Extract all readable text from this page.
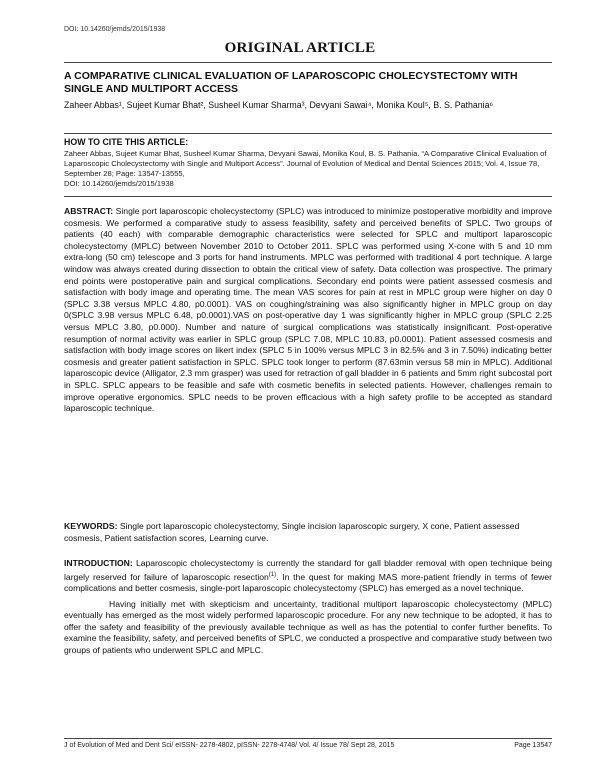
DOI: 10.14260/jemds/2015/1938
ORIGINAL ARTICLE
A COMPARATIVE CLINICAL EVALUATION OF LAPAROSCOPIC CHOLECYSTECTOMY WITH SINGLE AND MULTIPORT ACCESS
Zaheer Abbas¹, Sujeet Kumar Bhat², Susheel Kumar Sharma³, Devyani Sawai⁴, Monika Koul⁵, B. S. Pathania⁶
HOW TO CITE THIS ARTICLE:
Zaheer Abbas, Sujeet Kumar Bhat, Susheel Kumar Sharma, Devyani Sawai, Monika Koul, B. S. Pathania. “A Comparative Clinical Evaluation of Laparoscopic Cholecystectomy with Single and Multiport Access”. Journal of Evolution of Medical and Dental Sciences 2015; Vol. 4, Issue 78, September 28; Page: 13547-13555,
DOI: 10.14260/jemds/2015/1938
ABSTRACT: Single port laparoscopic cholecystectomy (SPLC) was introduced to minimize postoperative morbidity and improve cosmesis. We performed a comparative study to assess feasibility, safety and perceived benefits of SPLC. Two groups of patients (40 each) with comparable demographic characteristics were selected for SPLC and multiport laparoscopic cholecystectomy (MPLC) between November 2010 to October 2011. SPLC was performed using X-cone with 5 and 10 mm extra-long (50 cm) telescope and 3 ports for hand instruments. MPLC was performed with traditional 4 port technique. A large window was always created during dissection to obtain the critical view of safety. Data collection was prospective. The primary end points were postoperative pain and surgical complications. Secondary end points were patient assessed cosmesis and satisfaction with body image and operating time. The mean VAS scores for pain at rest in MPLC group were higher on day 0 (SPLC 3.38 versus MPLC 4.80, p0.0001). VAS on coughing/straining was also significantly higher in MPLC group on day 0(SPLC 3.98 versus MPLC 6.48, p0.0001).VAS on post-operative day 1 was significantly higher in MPLC group (SPLC 2.25 versus MPLC 3.80, p0.000). Number and nature of surgical complications was statistically insignificant. Post-operative resumption of normal activity was earlier in SPLC group (SPLC 7.08, MPLC 10.83, p0.0001). Patient assessed cosmesis and satisfaction with body image scores on likert index (SPLC 5 in 100% versus MPLC 3 in 82.5% and 3 in 7.50%) indicating better cosmesis and greater patient satisfaction in SPLC. SPLC took longer to perform (87.63min versus 58 min in MPLC). Additional laparoscopic device (Alligator, 2.3 mm grasper) was used for retraction of gall bladder in 6 patients and 5mm right subcostal port in SPLC. SPLC appears to be feasible and safe with cosmetic benefits in selected patients. However, challenges remain to improve operative ergonomics. SPLC needs to be proven efficacious with a high safety profile to be accepted as standard laparoscopic technique.
KEYWORDS: Single port laparoscopic cholecystectomy, Single incision laparoscopic surgery, X cone, Patient assessed cosmesis, Patient satisfaction scores, Learning curve.

INTRODUCTION: Laparoscopic cholecystectomy is currently the standard for gall bladder removal with open technique being largely reserved for failure of laparoscopic resection$^{(1)}$. In the quest for making MAS more-patient friendly in terms of fewer complications and better cosmesis, single-port laparoscopic cholecystectomy (SPLC) has emerged as a novel technique.

Having initially met with skepticism and uncertainty, traditional multiport laparoscopic cholecystectomy (MPLC) eventually has emerged as the most widely performed laparoscopic procedure. For any new technique to be adopted, it has to offer the safety and feasibility of the previously available technique as well as has the potential to confer further benefits. To examine the feasibility, safety, and perceived benefits of SPLC, we conducted a prospective and comparative study between two groups of patients who underwent SPLC and MPLC.

J of Evolution of Med and Dent Sci/ eISSN- 2278-4802, pISSN- 2278-4748/ Vol. 4/ Issue 78/ Sept 28, 2015	Page 13547
